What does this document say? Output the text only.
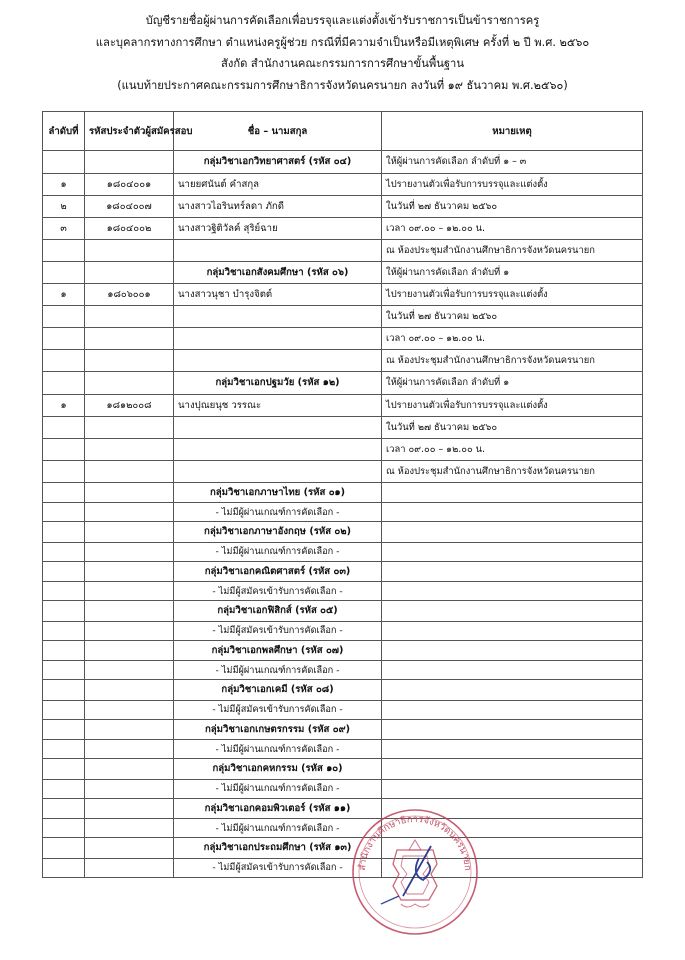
บัญชีรายชื่อผู้ผ่านการคัดเลือกเพื่อบรรจุและแต่งตั้งเข้ารับราชการเป็นข้าราชการครู
และบุคลากรทางการศึกษา ตำแหน่งครูผู้ช่วย กรณีที่มีความจำเป็นหรือมีเหตุพิเศษ ครั้งที่ ๒ ปี พ.ศ. ๒๕๖๐
สังกัด สำนักงานคณะกรรมการการศึกษาขั้นพื้นฐาน
(แนบท้ายประกาศคณะกรรมการศึกษาธิการจังหวัดนครนายก ลงวันที่ ๑๙ ธันวาคม พ.ศ.๒๕๖๐)
ลำดับที่	รหัสประจำตัวผู้สมัครสอบ	ชื่อ – นามสกุล	หมายเหตุ
		กลุ่มวิชาเอกวิทยาศาสตร์ (รหัส ๐๔)	ให้ผู้ผ่านการคัดเลือก ลำดับที่ ๑ – ๓
๑	๑๘๐๔๐๐๑	นายยศนันต์ คำสกุล	ไปรายงานตัวเพื่อรับการบรรจุและแต่งตั้ง
๒	๑๘๐๔๐๐๗	นางสาวไอรินทร์ลดา ภักดี	ในวันที่ ๒๗ ธันวาคม ๒๕๖๐
๓	๑๘๐๔๐๐๒	นางสาวฐิติวัลค์ สุริย์ฉาย	เวลา ๐๙.๐๐ – ๑๒.๐๐ น.
			ณ ห้องประชุมสำนักงานศึกษาธิการจังหวัดนครนายก
		กลุ่มวิชาเอกสังคมศึกษา (รหัส ๐๖)	ให้ผู้ผ่านการคัดเลือก ลำดับที่ ๑
๑	๑๘๐๖๐๐๑	นางสาวนุชา บำรุงจิตต์	ไปรายงานตัวเพื่อรับการบรรจุและแต่งตั้ง
			ในวันที่ ๒๗ ธันวาคม ๒๕๖๐
			เวลา ๐๙.๐๐ – ๑๒.๐๐ น.
			ณ ห้องประชุมสำนักงานศึกษาธิการจังหวัดนครนายก
		กลุ่มวิชาเอกปฐมวัย (รหัส ๑๒)	ให้ผู้ผ่านการคัดเลือก ลำดับที่ ๑
๑	๑๘๑๒๐๐๘	นางปุณยนุช วรรณะ	ไปรายงานตัวเพื่อรับการบรรจุและแต่งตั้ง
			ในวันที่ ๒๗ ธันวาคม ๒๕๖๐
			เวลา ๐๙.๐๐ – ๑๒.๐๐ น.
			ณ ห้องประชุมสำนักงานศึกษาธิการจังหวัดนครนายก
		กลุ่มวิชาเอกภาษาไทย (รหัส ๐๑)	
		- ไม่มีผู้ผ่านเกณฑ์การคัดเลือก -	
		กลุ่มวิชาเอกภาษาอังกฤษ (รหัส ๐๒)	
		- ไม่มีผู้ผ่านเกณฑ์การคัดเลือก -	
		กลุ่มวิชาเอกคณิตศาสตร์ (รหัส ๐๓)	
		- ไม่มีผู้สมัครเข้ารับการคัดเลือก -	
		กลุ่มวิชาเอกฟิสิกส์ (รหัส ๐๕)	
		- ไม่มีผู้สมัครเข้ารับการคัดเลือก -	
		กลุ่มวิชาเอกพลศึกษา (รหัส ๐๗)	
		- ไม่มีผู้ผ่านเกณฑ์การคัดเลือก -	
		กลุ่มวิชาเอกเคมี (รหัส ๐๘)	
		- ไม่มีผู้สมัครเข้ารับการคัดเลือก -	
		กลุ่มวิชาเอกเกษตรกรรม (รหัส ๐๙)	
		- ไม่มีผู้ผ่านเกณฑ์การคัดเลือก -	
		กลุ่มวิชาเอกคหกรรม (รหัส ๑๐)	
		- ไม่มีผู้ผ่านเกณฑ์การคัดเลือก -	
		กลุ่มวิชาเอกคอมพิวเตอร์ (รหัส ๑๑)	
		- ไม่มีผู้ผ่านเกณฑ์การคัดเลือก -	
		กลุ่มวิชาเอกประถมศึกษา (รหัส ๑๓)	
		- ไม่มีผู้สมัครเข้ารับการคัดเลือก -	สำนักงานศึกษาธิการจังหวัดนครนายก
